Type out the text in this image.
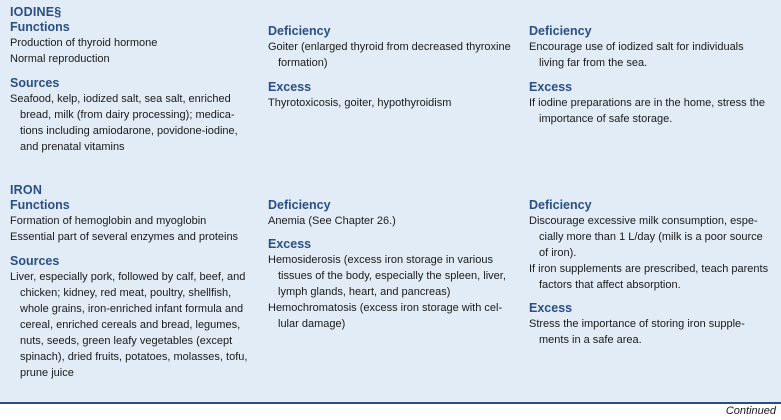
IODINE§
Functions
Production of thyroid hormone
Normal reproduction
Sources
Seafood, kelp, iodized salt, sea salt, enriched
bread, milk (from dairy processing); medica-
tions including amiodarone, povidone-iodine,
and prenatal vitamins
Deficiency
Goiter (enlarged thyroid from decreased thyroxine
formation)
Excess
Thyrotoxicosis, goiter, hypothyroidism
Deficiency
Encourage use of iodized salt for individuals
living far from the sea.
Excess
If iodine preparations are in the home, stress the
importance of safe storage.
IRON
Functions
Formation of hemoglobin and myoglobin
Essential part of several enzymes and proteins
Sources
Liver, especially pork, followed by calf, beef, and
chicken; kidney, red meat, poultry, shellfish,
whole grains, iron-enriched infant formula and
cereal, enriched cereals and bread, legumes,
nuts, seeds, green leafy vegetables (except
spinach), dried fruits, potatoes, molasses, tofu,
prune juice
Deficiency
Anemia (See Chapter 26.)
Excess
Hemosiderosis (excess iron storage in various
tissues of the body, especially the spleen, liver,
lymph glands, heart, and pancreas)
Hemochromatosis (excess iron storage with cel-
lular damage)
Deficiency
Discourage excessive milk consumption, espe-
cially more than 1 L/day (milk is a poor source
of iron).
If iron supplements are prescribed, teach parents
factors that affect absorption.
Excess
Stress the importance of storing iron supple-
ments in a safe area.
Continued
